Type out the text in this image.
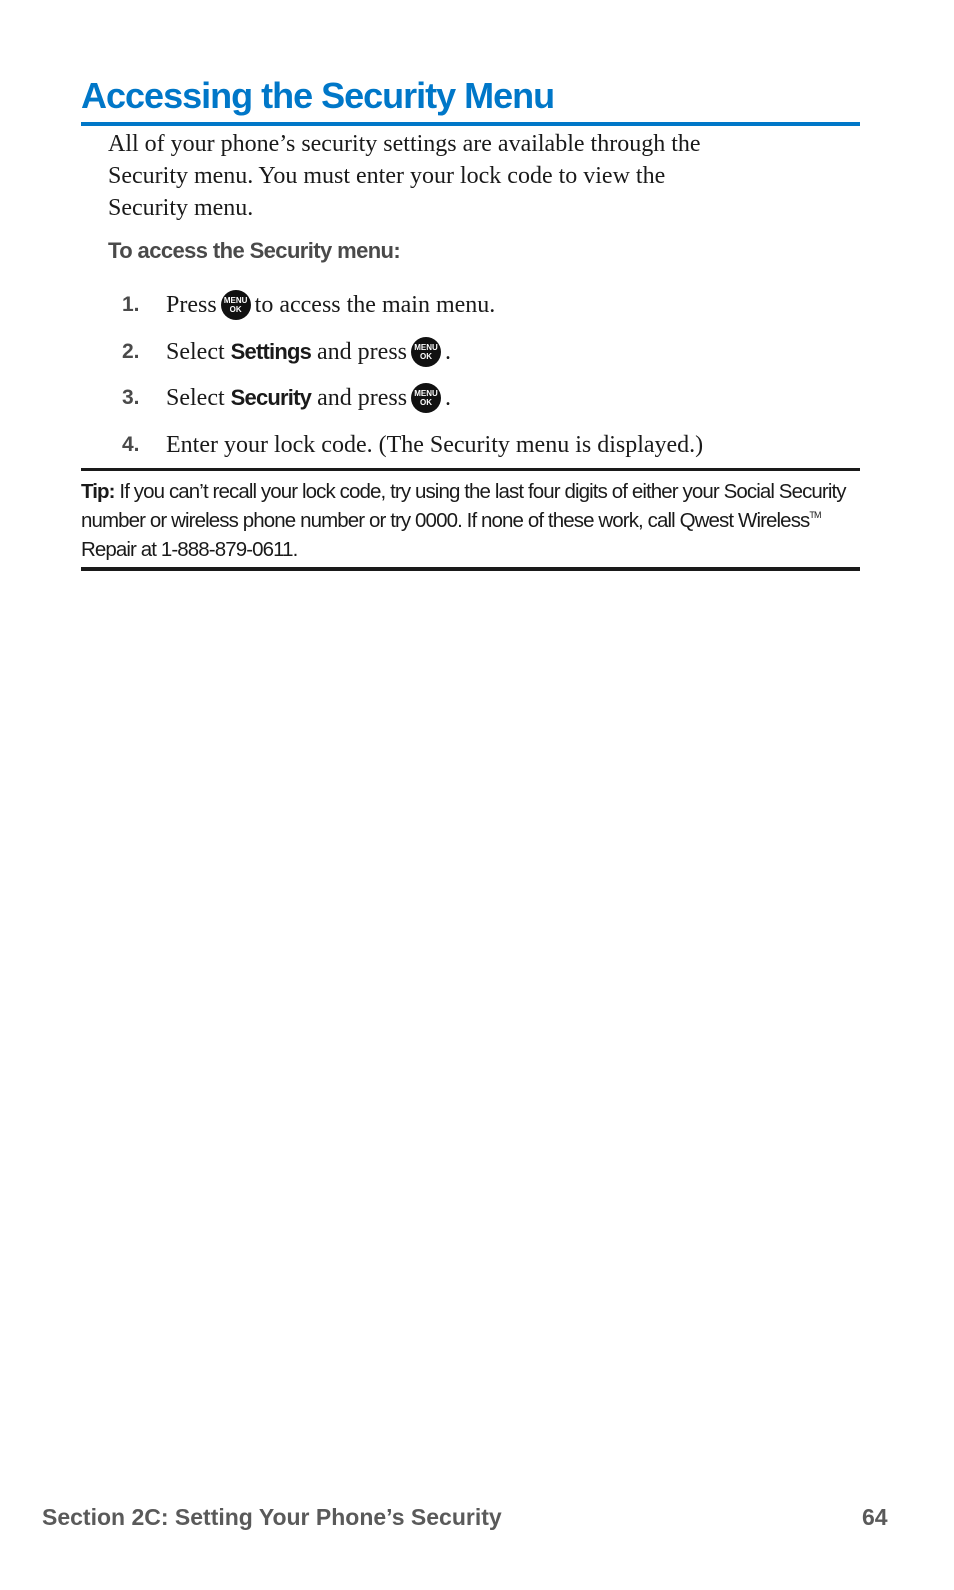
Accessing the Security Menu

All of your phone’s security settings are available through the
Security menu. You must enter your lock code to view the
Security menu.

To access the Security menu:

1.	Press MENU
OK to access the main menu.
2.	Select
Settings
and press MENU
OK .
3.	Select
Security
and press MENU
OK .
4.	Enter your lock code. (The Security menu is displayed.)

Tip: If you can’t recall your lock code, try using the last four digits of either your Social Security number or wireless phone number or try 0000. If none of these work, call Qwest Wireless™ Repair at 1-888-879-0611.

Section 2C: Setting Your Phone’s Security	64
